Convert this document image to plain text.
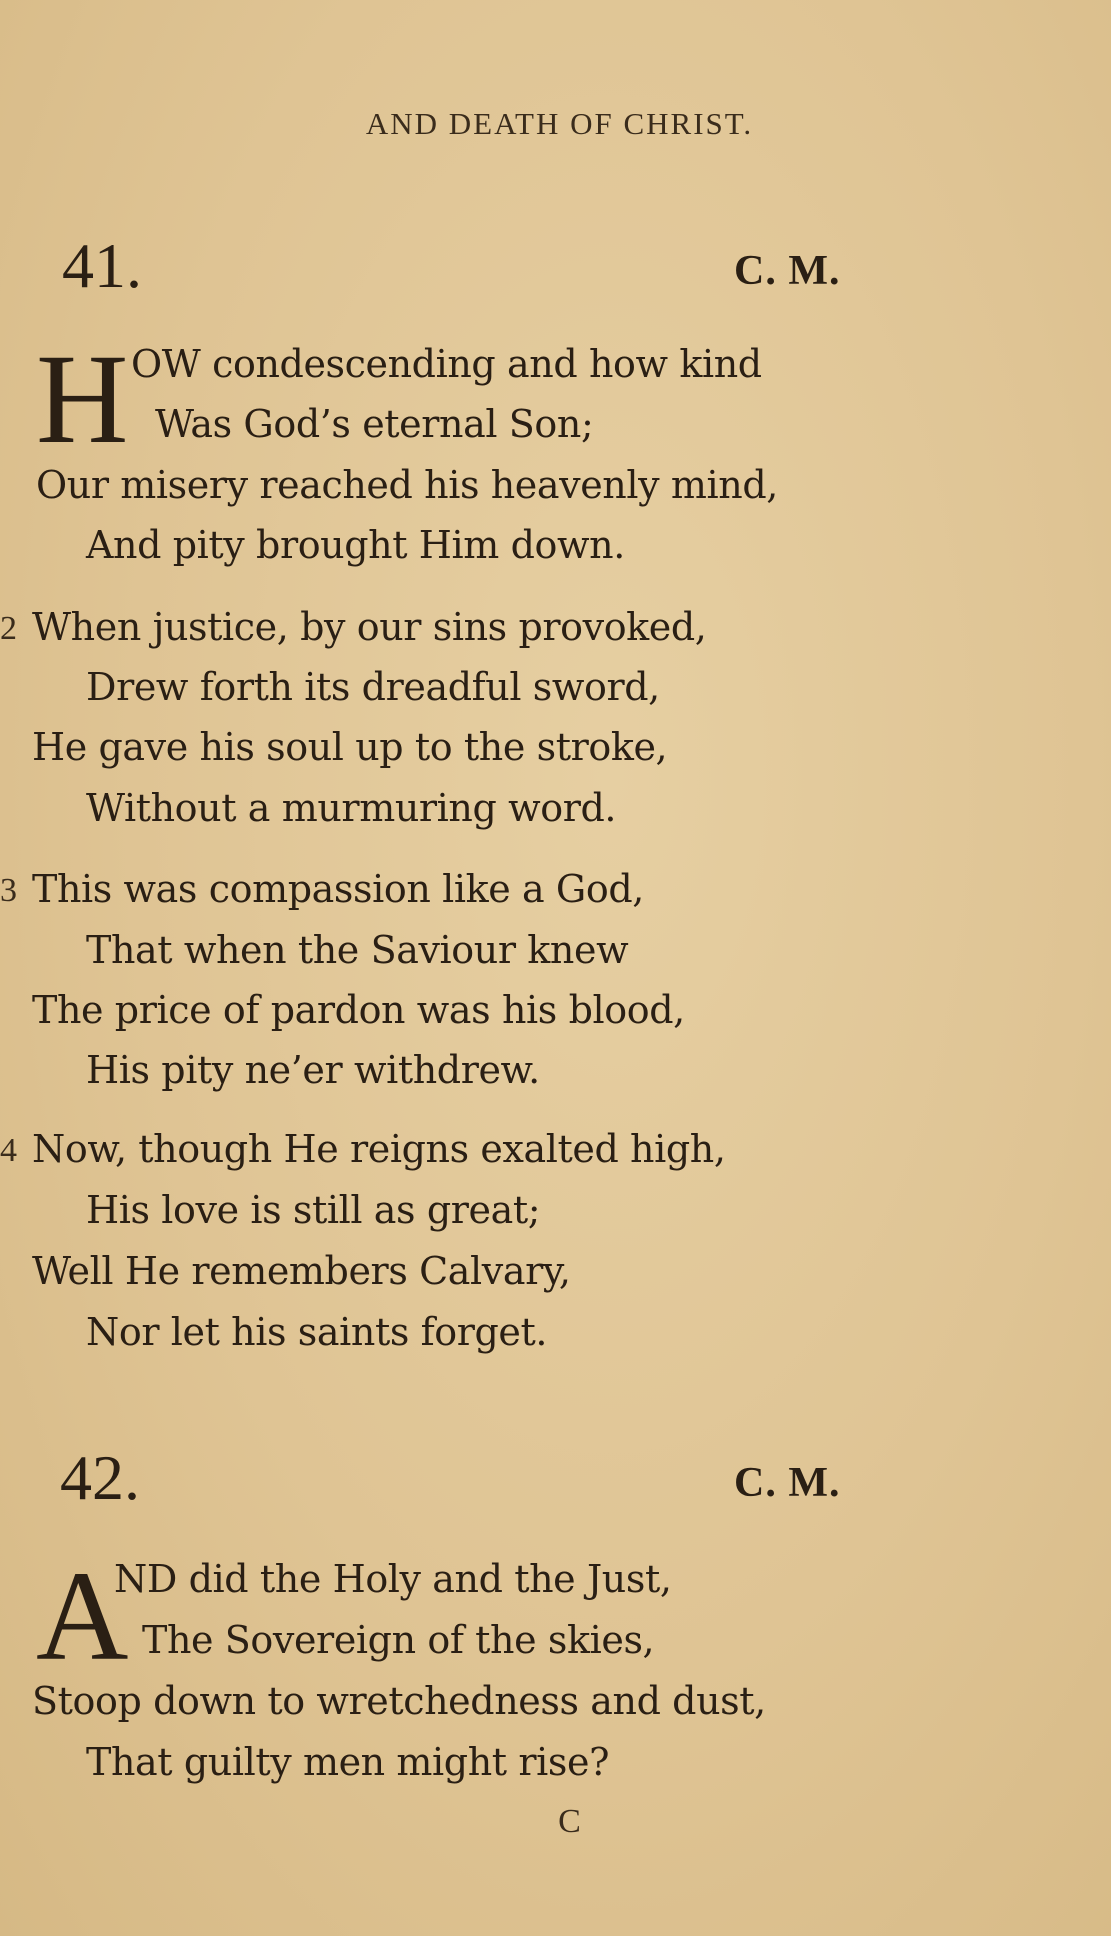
AND DEATH OF CHRIST.
41.	C. M.
H OW condescending and how kind
Was God’s eternal Son;
Our misery reached his heavenly mind,
And pity brought Him down.
2 When justice, by our sins provoked,
Drew forth its dreadful sword,
He gave his soul up to the stroke,
Without a murmuring word.
3 This was compassion like a God,
That when the Saviour knew
The price of pardon was his blood,
His pity ne’er withdrew.
4 Now, though He reigns exalted high,
His love is still as great;
Well He remembers Calvary,
Nor let his saints forget.
42.	C. M.
A
ND did the Holy and the Just,
The Sovereign of the skies,
Stoop down to wretchedness and dust,
That guilty men might rise?
C
